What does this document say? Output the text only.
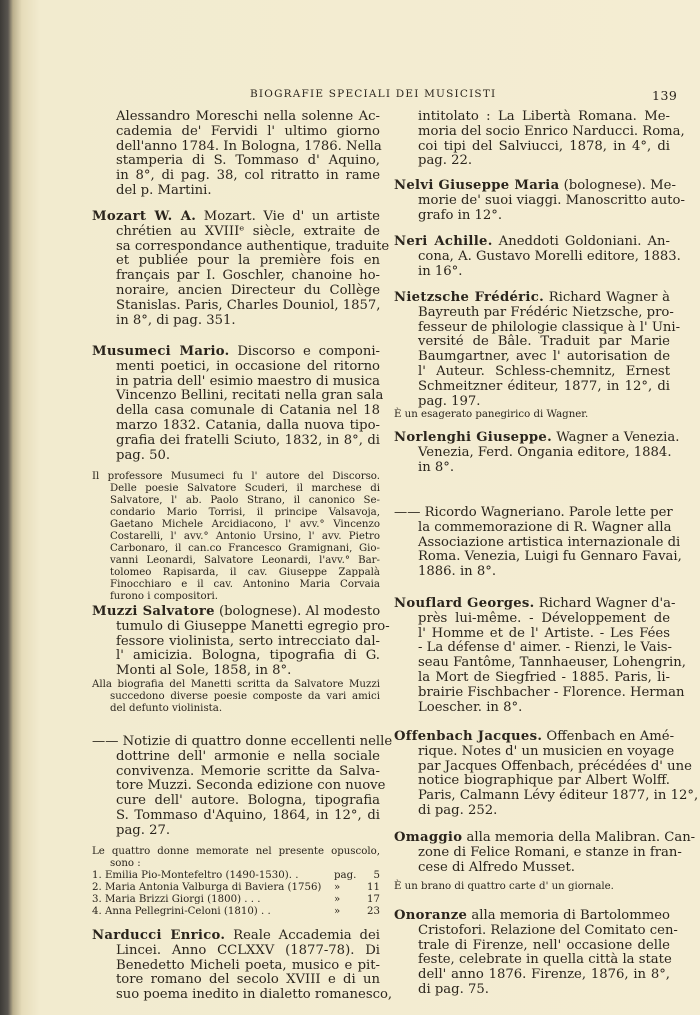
BIOGRAFIE SPECIALI DEI MUSICISTI	139
Alessandro Moreschi nella solenne Ac-
cademia de' Fervidi l' ultimo giorno
dell'anno 1784. In Bologna, 1786. Nella
stamperia di S. Tommaso d' Aquino,
in 8°, di pag. 38, col ritratto in rame
del p. Martini.
Mozart W. A. Mozart. Vie d' un artiste
chrétien au XVIIIᵉ siècle, extraite de
sa correspondance authentique, traduite
et publiée pour la première fois en
français par I. Goschler, chanoine ho-
noraire, ancien Directeur du Collège
Stanislas. Paris, Charles Douniol, 1857,
in 8°, di pag. 351.
Musumeci Mario. Discorso e componi-
menti poetici, in occasione del ritorno
in patria dell' esimio maestro di musica
Vincenzo Bellini, recitati nella gran sala
della casa comunale di Catania nel 18
marzo 1832. Catania, dalla nuova tipo-
grafia dei fratelli Sciuto, 1832, in 8°, di
pag. 50.
Il professore Musumeci fu l' autore del Discorso.
Delle poesie Salvatore Scuderi, il marchese di
Salvatore, l' ab. Paolo Strano, il canonico Se-
condario Mario Torrisi, il principe Valsavoja,
Gaetano Michele Arcidiacono, l' avv.° Vincenzo
Costarelli, l' avv.° Antonio Ursino, l' avv. Pietro
Carbonaro, il can.co Francesco Gramignani, Gio-
vanni Leonardi, Salvatore Leonardi, l'avv.° Bar-
tolomeo Rapisarda, il cav. Giuseppe Zappalà
Finocchiaro e il cav. Antonino Maria Corvaia
furono i compositori.
Muzzi Salvatore (bolognese). Al modesto
tumulo di Giuseppe Manetti egregio pro-
fessore violinista, serto intrecciato dal-
l' amicizia. Bologna, tipografia di G.
Monti al Sole, 1858, in 8°.
Alla biografia del Manetti scritta da Salvatore Muzzi
succedono diverse poesie composte da vari amici
del defunto violinista.
—— Notizie di quattro donne eccellenti nelle
dottrine dell' armonie e nella sociale
convivenza. Memorie scritte da Salva-
tore Muzzi. Seconda edizione con nuove
cure dell' autore. Bologna, tipografia
S. Tommaso d'Aquino, 1864, in 12°, di
pag. 27.
Le quattro donne memorate nel presente opuscolo,
sono :
1. Emilia Pio-Montefeltro (1490-1530). .	pag. 5
2. Maria Antonia Valburga di Baviera (1756) »	11
3. Maria Brizzi Giorgi (1800) . . .	»	17
4. Anna Pellegrini-Celoni (1810) . .	»	23
Narducci Enrico. Reale Accademia dei
Lincei. Anno CCLXXV (1877-78). Di
Benedetto Micheli poeta, musico e pit-
tore romano del secolo XVIII e di un
suo poema inedito in dialetto romanesco,
intitolato : La Libertà Romana. Me-
moria del socio Enrico Narducci. Roma,
coi tipi del Salviucci, 1878, in 4°, di
pag. 22.
Nelvi Giuseppe Maria (bolognese). Me-
morie de' suoi viaggi. Manoscritto auto-
grafo in 12°.
Neri Achille. Aneddoti Goldoniani. An-
cona, A. Gustavo Morelli editore, 1883.
in 16°.
Nietzsche Frédéric. Richard Wagner à
Bayreuth par Frédéric Nietzsche, pro-
fesseur de philologie classique à l' Uni-
versité de Bâle. Traduit par Marie
Baumgartner, avec l' autorisation de
l' Auteur. Schless-chemnitz, Ernest
Schmeitzner éditeur, 1877, in 12°, di
pag. 197.
È un esagerato panegirico di Wagner.
Norlenghi Giuseppe. Wagner a Venezia.
Venezia, Ferd. Ongania editore, 1884.
in 8°.
—— Ricordo Wagneriano. Parole lette per
la commemorazione di R. Wagner alla
Associazione artistica internazionale di
Roma. Venezia, Luigi fu Gennaro Favai,
1886. in 8°.
Nouflard Georges. Richard Wagner d'a-
près lui-même. - Développement de
l' Homme et de l' Artiste. - Les Fées
- La défense d' aimer. - Rienzi, le Vais-
seau Fantôme, Tannhaeuser, Lohengrin,
la Mort de Siegfried - 1885. Paris, li-
brairie Fischbacher - Florence. Herman
Loescher. in 8°.
Offenbach Jacques. Offenbach en Amé-
rique. Notes d' un musicien en voyage
par Jacques Offenbach, précédées d' une
notice biographique par Albert Wolff.
Paris, Calmann Lévy éditeur 1877, in 12°,
di pag. 252.
Omaggio alla memoria della Malibran. Can-
zone di Felice Romani, e stanze in fran-
cese di Alfredo Musset.
È un brano di quattro carte d' un giornale.
Onoranze alla memoria di Bartolommeo
Cristofori. Relazione del Comitato cen-
trale di Firenze, nell' occasione delle
feste, celebrate in quella città la state
dell' anno 1876. Firenze, 1876, in 8°,
di pag. 75.
